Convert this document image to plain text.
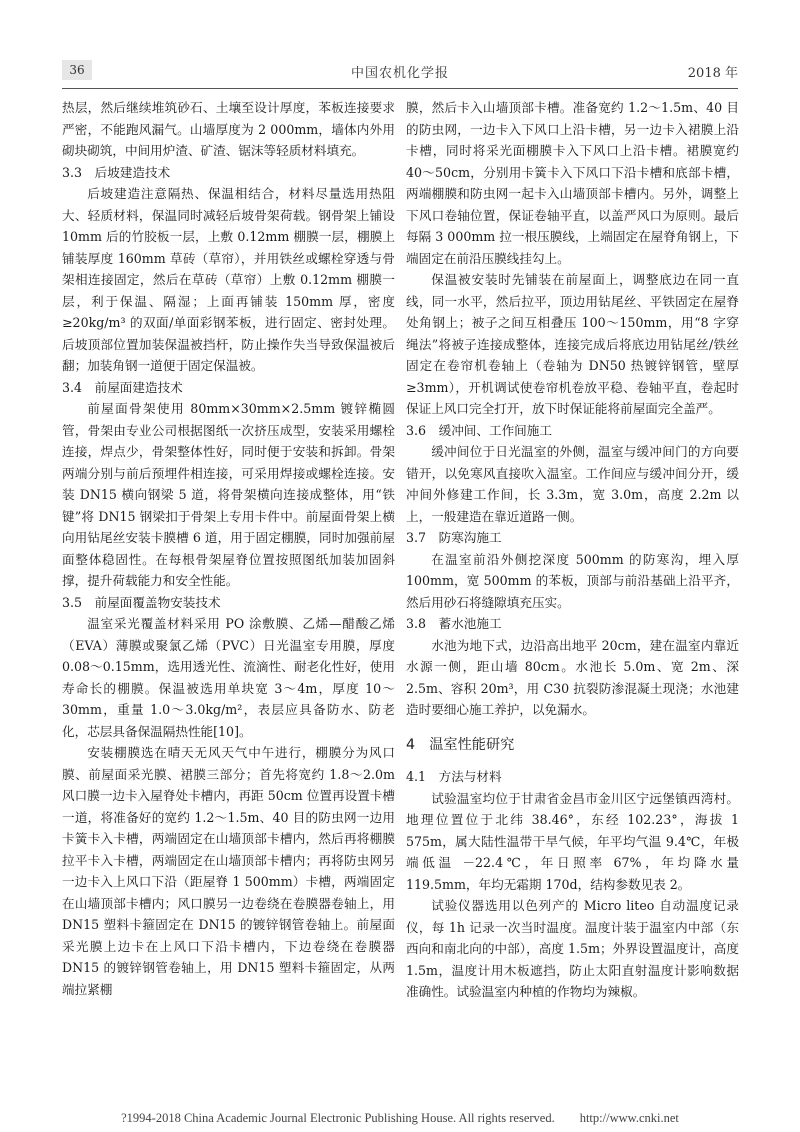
36	中国农机化学报	2018 年

热层，然后继续堆筑砂石、土壤至设计厚度，苯板连接要求严密，不能跑风漏气。山墙厚度为 2 000mm，墙体内外用砌块砌筑，中间用炉渣、矿渣、锯沫等轻质材料填充。

3.3　后坡建造技术

后坡建造注意隔热、保温相结合，材料尽量选用热阻大、轻质材料，保温同时减轻后坡骨架荷载。钢骨架上铺设 10mm 后的竹胶板一层，上敷 0.12mm 棚膜一层，棚膜上铺装厚度 160mm 草砖（草帘），并用铁丝或螺栓穿透与骨架相连接固定，然后在草砖（草帘）上敷 0.12mm 棚膜一层，利于保温、隔湿；上面再铺装 150mm 厚，密度≥20kg/m³ 的双面/单面彩钢苯板，进行固定、密封处理。后坡顶部位置加装保温被挡杆，防止操作失当导致保温被后翻；加装角钢一道便于固定保温被。

3.4　前屋面建造技术

前屋面骨架使用 80mm×30mm×2.5mm 镀锌椭圆管，骨架由专业公司根据图纸一次挤压成型，安装采用螺栓连接，焊点少，骨架整体性好，同时便于安装和拆卸。骨架两端分别与前后预埋件相连接，可采用焊接或螺栓连接。安装 DN15 横向钢梁 5 道，将骨架横向连接成整体，用“铁键”将 DN15 钢梁扣于骨架上专用卡件中。前屋面骨架上横向用钻尾丝安装卡膜槽 6 道，用于固定棚膜，同时加强前屋面整体稳固性。在每根骨架屋脊位置按照图纸加装加固斜撑，提升荷载能力和安全性能。

3.5　前屋面覆盖物安装技术

温室采光覆盖材料采用 PO 涂敷膜、乙烯—醋酸乙烯（EVA）薄膜或聚氯乙烯（PVC）日光温室专用膜，厚度 0.08～0.15mm，选用透光性、流滴性、耐老化性好，使用寿命长的棚膜。保温被选用单块宽 3～4m，厚度 10～30mm，重量 1.0～3.0kg/m²，表层应具备防水、防老化，芯层具备保温隔热性能[10]。

安装棚膜选在晴天无风天气中午进行，棚膜分为风口膜、前屋面采光膜、裙膜三部分；首先将宽约 1.8～2.0m 风口膜一边卡入屋脊处卡槽内，再距 50cm 位置再设置卡槽一道，将准备好的宽约 1.2～1.5m、40 目的防虫网一边用卡簧卡入卡槽，两端固定在山墙顶部卡槽内，然后再将棚膜拉平卡入卡槽，两端固定在山墙顶部卡槽内；再将防虫网另一边卡入上风口下沿（距屋脊 1 500mm）卡槽，两端固定在山墙顶部卡槽内；风口膜另一边卷绕在卷膜器卷轴上，用 DN15 塑料卡箍固定在 DN15 的镀锌钢管卷轴上。前屋面采光膜上边卡在上风口下沿卡槽内，下边卷绕在卷膜器 DN15 的镀锌钢管卷轴上，用 DN15 塑料卡箍固定，从两端拉紧棚

膜，然后卡入山墙顶部卡槽。准备宽约 1.2～1.5m、40 目的防虫网，一边卡入下风口上沿卡槽，另一边卡入裙膜上沿卡槽，同时将采光面棚膜卡入下风口上沿卡槽。裙膜宽约 40～50cm，分别用卡簧卡入下风口下沿卡槽和底部卡槽，两端棚膜和防虫网一起卡入山墙顶部卡槽内。另外，调整上下风口卷轴位置，保证卷轴平直，以盖严风口为原则。最后每隔 3 000mm 拉一根压膜线，上端固定在屋脊角钢上，下端固定在前沿压膜线挂勾上。

保温被安装时先铺装在前屋面上，调整底边在同一直线，同一水平，然后拉平，顶边用钻尾丝、平铁固定在屋脊处角钢上；被子之间互相叠压 100～150mm，用“8 字穿绳法”将被子连接成整体，连接完成后将底边用钻尾丝/铁丝固定在卷帘机卷轴上（卷轴为 DN50 热镀锌钢管，壁厚≥3mm），开机调试使卷帘机卷放平稳、卷轴平直，卷起时保证上风口完全打开，放下时保证能将前屋面完全盖严。

3.6　缓冲间、工作间施工

缓冲间位于日光温室的外侧，温室与缓冲间门的方向要错开，以免寒风直接吹入温室。工作间应与缓冲间分开，缓冲间外修建工作间，长 3.3m，宽 3.0m，高度 2.2m 以上，一般建造在靠近道路一侧。

3.7　防寒沟施工

在温室前沿外侧挖深度 500mm 的防寒沟，埋入厚 100mm，宽 500mm 的苯板，顶部与前沿基础上沿平齐，然后用砂石将缝隙填充压实。

3.8　蓄水池施工

水池为地下式，边沿高出地平 20cm，建在温室内靠近水源一侧，距山墙 80cm。水池长 5.0m、宽 2m、深 2.5m、容积 20m³，用 C30 抗裂防渗混凝土现浇；水池建造时要细心施工养护，以免漏水。

4　温室性能研究

4.1　方法与材料

试验温室均位于甘肃省金昌市金川区宁远堡镇西湾村。地理位置位于北纬 38.46°，东经 102.23°，海拔 1 575m，属大陆性温带干旱气候，年平均气温 9.4℃，年极端低温 －22.4℃，年日照率 67%，年均降水量 119.5mm，年均无霜期 170d，结构参数见表 2。

试验仪器选用以色列产的 Micro liteo 自动温度记录仪，每 1h 记录一次当时温度。温度计装于温室内中部（东西向和南北向的中部），高度 1.5m；外界设置温度计，高度 1.5m，温度计用木板遮挡，防止太阳直射温度计影响数据准确性。试验温室内种植的作物均为辣椒。

?1994-2018 China Academic Journal Electronic Publishing House. All rights reserved.　　http://www.cnki.net
